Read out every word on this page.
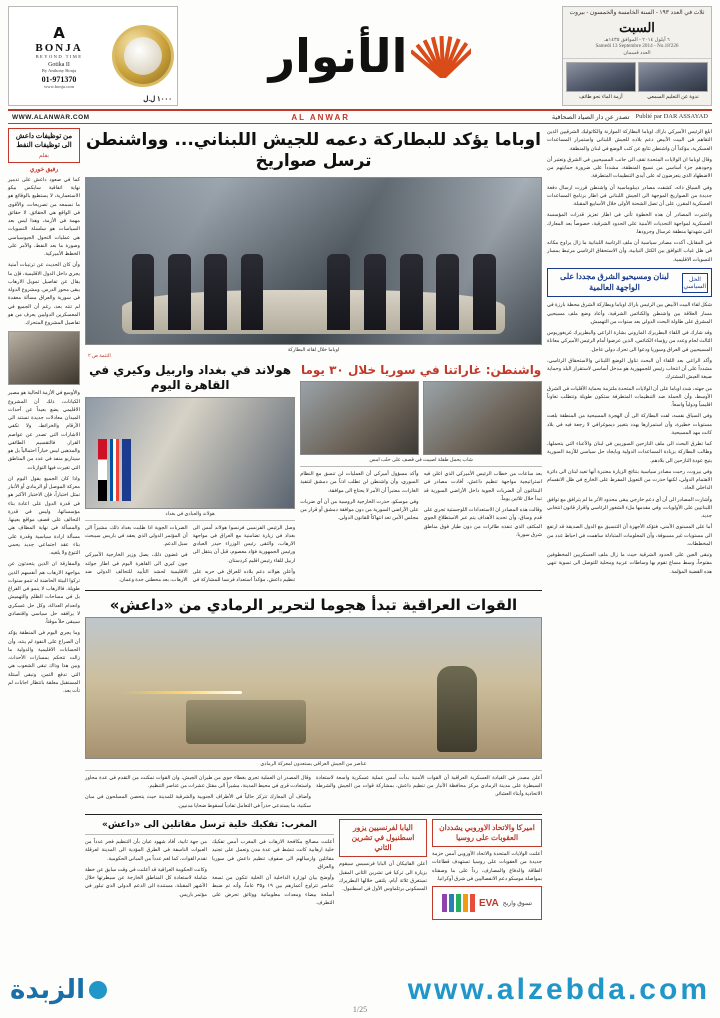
A
BONJA
BEYOND TIME
Gotika II
By Anthony Bonja
01-971370
www.bonja.com
١٠٠٠ ل.ل
الأنوار
ثلاث في العدد ١٩٣ - السنة الخامسة والخمسون - بيروت
السبت
٦ أيلول ٢٠١٤ - الموافق ١٤٣٥هـ
Samedi 13 Septembre 2014 - No.18'226
العدد قسمان
أزمة الماء نحو طائف	ندوة عن التعليم السمعي
WWW.ALANWAR.COM	AL ANWAR	تصدر عن دار الصياد الصحافية Publié par DAR ASSAYAD
من توظيفات داعش الى توظيفات النفط
بقلم
رفيق خوري

كما في صعود داعش على تدمير نهاية اتفاقية سايكس بيكو الاستعمارية، لا يستطيع بالوقائع هو ما نسمعه من تصريحات، والأقوى في الواقع هي الحقائق. لا حقائق مهمة في الأزمة، وهذا ليس بعد السياسات هو سلسلة التسويات هي عمليات التحول الجيوسياسي وصورة ما بعد النفط، والأمر على الخطط الأميركية.

وأن كان الحديث عن ترتيبات أمنية يجري داخل الدول الاقليمية، فإن ما يقال عن تفاصيل تمويل الارهاب يبقى محور الدرس. ومشروع الدولة في سورية والعراق مسألة معقدة لم تنته بعد، رغم أن الجميع في المعسكرين الدوليين يعرف من هو تفاصيل المشروع المتحرك.

والأوسع في الأزمة الحالية هو مصير الكيانات، ذلك أن المشروع الاقليمي يضع بعيداً عن أحداث الميدان معادلات جديدة تستند الى الأرقام والخرائط، ولا تكفي الاشارات التي تصدر عن عواصم القرار. فالتقسيم الطائفي والمذهبي ليس خياراً احتمالياً بل هو سيناريو منفذ في عدد من المناطق التي تغيرت فيها التوازنات.

واذا كان الجميع يقول اليوم ان معركة الموصل أو الرمادي أو الأنبار تمثل اختباراً، فإن الاختبار الأكبر هو في قدرة الدول على اعادة بناء مؤسساتها، وليس في قدرة التحالف على قصف مواقع بعينها. والمسألة في نهاية المطاف هي مسألة ارادة سياسية وقدرة على بناء عقد اجتماعي جديد يحمي التنوع ولا يلغيه.

والمفارقة ان الذين يتحدثون عن مواجهة الارهاب هم أنفسهم الذين تركوا البيئة الحاضنة له تنمو سنوات طويلة. فالارهاب لا ينمو في الفراغ بل في مساحات الظلم والتهميش وانعدام العدالة، وكل حل عسكري لا يرافقه حل سياسي واقتصادي سيبقى حلاً موقتاً.

وما يجري اليوم في المنطقة يؤكد أن الصراع على النفوذ لم ينته، وأن الحسابات الاقليمية والدولية ما زالت تتحكم بمسارات الأحداث. وبين هذا وذاك تبقى الشعوب هي التي تدفع الثمن، وتبقى أسئلة المستقبل معلقة بانتظار اجابات لم تأت بعد.

اوباما يؤكد للبطاركة دعمه للجيش اللبناني... وواشنطن ترسل صواريخ
اوباما خلال لقائه البطاركة
التتمة ص ٢
هولاند في بغداد واربيل وكيري في القاهرة اليوم
هولاند والعبادي في بغداد

وصل الرئيس الفرنسي فرنسوا هولاند أمس الى بغداد في زيارة تضامنية مع العراق في مواجهة الارهاب، والتقى رئيس الوزراء حيدر العبادي ورئيس الجمهورية فؤاد معصوم، قبل أن ينتقل الى اربيل للقاء رئيس اقليم كردستان.

وأعلن هولاند دعم بلاده للعراق في حربه على تنظيم داعش، مؤكداً استعداد فرنسا للمشاركة في الضربات الجوية اذا طلبت بغداد ذلك، مشيراً الى أن المؤتمر الدولي الذي يعقد في باريس سيبحث سبل الدعم.

في غضون ذلك، يصل وزير الخارجية الأميركي جون كيري الى القاهرة اليوم في اطار جولته الاقليمية لحشد التأييد للتحالف الدولي ضد الارهاب، بعد محطتي جدة وعمان.

واشنطن: غاراتنا في سوريا خلال ٣٠ يوما
شاب يحمل طفلة اصيبت في قصف على حلب امس

بعد ساعات من خطاب الرئيس الأميركي الذي اعلن فيه استراتيجية مواجهة تنظيم داعش، أفادت مصادر في البنتاغون أن الضربات الجوية داخل الأراضي السورية قد تبدأ خلال ثلاثين يوماً.

وقالت هذه المصادر ان الاستعدادات اللوجستية تجري على قدم وساق، وأن تحديد الأهداف يتم عبر الاستطلاع الجوي المكثف الذي تنفذه طائرات من دون طيار فوق مناطق شرق سوريا.

وأكد مسؤول أميركي أن العمليات لن تنسق مع النظام السوري، وأن واشنطن لن تطلب اذناً من دمشق لتنفيذ الغارات، معتبراً أن الأمر لا يحتاج الى موافقة.

وفي موسكو، حذرت الخارجية الروسية من أن أي ضربات على الأراضي السورية من دون موافقة دمشق أو قرار من مجلس الأمن تعد انتهاكاً للقانون الدولي.

القوات العراقية تبدأ هجوما لتحرير الرمادي من «داعش»
عناصر من الجيش العراقي يستعدون لمعركة الرمادي

أعلن مصدر في القيادة العسكرية العراقية أن القوات الأمنية بدأت أمس عملية عسكرية واسعة لاستعادة السيطرة على مدينة الرمادي مركز محافظة الأنبار من تنظيم داعش، بمشاركة قوات من الجيش والشرطة الاتحادية وأبناء العشائر.

وقال المصدر ان العملية تجري بغطاء جوي من طيران الجيش، وان القوات تمكنت من التقدم في عدة محاور واستعادت قرى في محيط المدينة، مشيراً الى مقتل عشرات من عناصر التنظيم.

وأضاف أن المعارك تتركز حالياً في الأطراف الجنوبية والشرقية للمدينة حيث يتحصن المسلحون في مبان سكنية، ما يستدعي حذراً في التعامل تفادياً لسقوط ضحايا مدنيين.

المغرب: تفكيك خلية ترسل مقاتلين الى «داعش»

أعلنت مصالح مكافحة الارهاب في المغرب أمس تفكيك خلية ارهابية كانت تنشط في عدة مدن وتعمل على تجنيد مقاتلين وارسالهم الى صفوف تنظيم داعش في سوريا والعراق.

وأوضح بيان لوزارة الداخلية أن الخلية تتكون من تسعة عناصر تتراوح أعمارهم بين ١٩ و٣٥ عاماً، وأنه تم ضبط أسلحة بيضاء ومعدات معلوماتية ووثائق تحرض على التطرف.

من جهة ثانية، أفاد شهود عيان بأن التنظيم فجر عدداً من العبوات الناسفة في الطرق المؤدية الى المدينة لعرقلة تقدم القوات، كما لغم عدداً من المباني الحكومية.

وكانت الحكومة العراقية قد أعلنت في وقت سابق عن خطة شاملة لاستعادة كل المناطق الخارجة عن سيطرتها خلال الأشهر المقبلة، مستندة الى الدعم الدولي الذي تبلور في مؤتمر باريس.

اليابا لفرنسيين يزور اسطنبول في تشرين الثاني

أعلن الفاتيكان أن البابا فرنسيس سيقوم بزيارة الى تركيا في تشرين الثاني المقبل تستغرق ثلاثة أيام، يلتقي خلالها البطريرك المسكوني برثلماوس الأول في اسطنبول.

اميركا والاتحاد الاوروبي يشددان العقوبات على روسيا

أعلنت الولايات المتحدة والاتحاد الأوروبي أمس حزمة جديدة من العقوبات على روسيا تستهدف قطاعات الطاقة والدفاع والمصارف، رداً على ما وصفتاه بمواصلة موسكو دعم الانفصاليين في شرق أوكرانيا.

EVA تسوق واربح

ابلغ الرئيس الأميركي باراك اوباما البطاركة الموارنة والكاثوليك الشرقيين الذين التقاهم في البيت الأبيض دعم بلاده للجيش اللبناني واستمرار المساعدات العسكرية، مؤكداً أن واشنطن تتابع عن كثب الوضع في لبنان والمنطقة.

وقال اوباما ان الولايات المتحدة تقف الى جانب المسيحيين في الشرق وتعتبر أن وجودهم جزء أساسي من نسيج المنطقة، مشدداً على ضرورة حمايتهم من الاضطهاد الذي يتعرضون له على أيدي التنظيمات المتطرفة.

وفي السياق ذاته، كشفت مصادر ديبلوماسية أن واشنطن قررت ارسال دفعة جديدة من الصواريخ الموجهة الى الجيش اللبناني في اطار برنامج المساعدات العسكرية المقرر، على أن تصل الشحنة الأولى خلال الأسابيع المقبلة.

واعتبرت المصادر أن هذه الخطوة تأتي في اطار تعزيز قدرات المؤسسة العسكرية لمواجهة التحديات الأمنية على الحدود الشرقية، خصوصاً بعد المعارك التي شهدتها منطقة عرسال وجرودها.

في المقابل، أكدت مصادر سياسية أن ملف الرئاسة اللبنانية ما زال يراوح مكانه في ظل غياب التوافق بين الكتل النيابية، وأن الاستحقاق الرئاسي مرتبط بمسار التسويات الاقليمية.

لبنان ومسيحيو الشرق مجددا على الواجهة العالمية
الحل السياسي

شكل لقاء البيت الأبيض بين الرئيس باراك اوباما وبطاركة الشرق محطة بارزة في مسار العلاقة بين واشنطن والكنائس الشرقية، وأعاد وضع ملف مسيحيي المشرق على طاولة البحث الدولي بعد سنوات من التهميش.

وقد شارك في اللقاء البطريرك الماروني بشارة الراعي والبطريرك غريغوريوس الثالث لحام وعدد من رؤساء الكنائس، الذين عرضوا أمام الرئيس الأميركي معاناة المسيحيين في العراق وسوريا ودعوا الى تحرك دولي عاجل.

وأكد الراعي بعد اللقاء أن البحث تناول الوضع اللبناني والاستحقاق الرئاسي، مشدداً على أن انتخاب رئيس للجمهورية هو مدخل أساسي لاستقرار البلد وحماية صيغة العيش المشترك.

من جهته، شدد اوباما على أن الولايات المتحدة ملتزمة بحماية الأقليات في الشرق الأوسط، وأن الحملة ضد التنظيمات المتطرفة ستكون طويلة وتتطلب تعاوناً اقليمياً ودولياً واسعاً.

وفي السياق نفسه، لفت البطاركة الى أن الهجرة المسيحية من المنطقة بلغت مستويات خطيرة، وأن استمرارها يهدد بتغيير ديموغرافي لا رجعة فيه في بلاد كانت مهد المسيحية.

كما تطرق البحث الى ملف النازحين السوريين في لبنان والأعباء التي يتحملها، وطالب البطاركة بزيادة المساعدات الدولية وبايجاد حل سياسي للأزمة السورية يتيح عودة النازحين الى بلادهم.

وفي بيروت، رحبت مصادر سياسية بنتائج الزيارة معتبرة أنها تعيد لبنان الى دائرة الاهتمام الدولي، لكنها حذرت من التعويل المفرط على الخارج في ظل الانقسام الداخلي الحاد.

وأشارت المصادر الى أن أي دعم خارجي يبقى محدود الأثر ما لم يترافق مع توافق اللبنانيين على الأولويات، وفي مقدمها ملء الشغور الرئاسي واقرار قانون انتخابي جديد.

أما على المستوى الأمني، فتؤكد الأجهزة أن التنسيق مع الدول الصديقة قد ارتفع الى مستويات غير مسبوقة، وأن المعلومات المتبادلة ساهمت في احباط عدد من المخططات.

وتبقى العين على الحدود الشرقية حيث ما زال ملف العسكريين المخطوفين مفتوحاً، وسط مساع تقوم بها وساطات عربية ومحلية للتوصل الى تسوية تنهي هذه القضية المؤلمة.

الزبدة	www.alzebda.com
1/25
